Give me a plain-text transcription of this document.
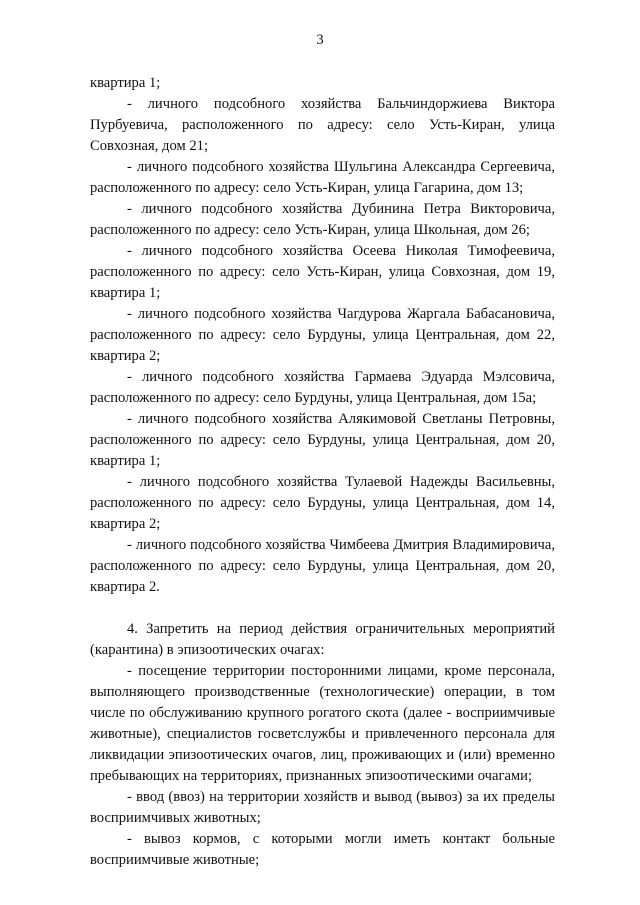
3

квартира 1;

- личного подсобного хозяйства Бальчиндоржиева Виктора Пурбуевича, расположенного по адресу: село Усть-Киран, улица Совхозная, дом 21;

- личного подсобного хозяйства Шульгина Александра Сергеевича, расположенного по адресу: село Усть-Киран, улица Гагарина, дом 13;

- личного подсобного хозяйства Дубинина Петра Викторовича, расположенного по адресу: село Усть-Киран, улица Школьная, дом 26;

- личного подсобного хозяйства Осеева Николая Тимофеевича, расположенного по адресу: село Усть-Киран, улица Совхозная, дом 19, квартира 1;

- личного подсобного хозяйства Чагдурова Жаргала Бабасановича, расположенного по адресу: село Бурдуны, улица Центральная, дом 22, квартира 2;

- личного подсобного хозяйства Гармаева Эдуарда Мэлсовича, расположенного по адресу: село Бурдуны, улица Центральная, дом 15а;

- личного подсобного хозяйства Алякимовой Светланы Петровны, расположенного по адресу: село Бурдуны, улица Центральная, дом 20, квартира 1;

- личного подсобного хозяйства Тулаевой Надежды Васильевны, расположенного по адресу: село Бурдуны, улица Центральная, дом 14, квартира 2;

- личного подсобного хозяйства Чимбеева Дмитрия Владимировича, расположенного по адресу: село Бурдуны, улица Центральная, дом 20, квартира 2.

4. Запретить на период действия ограничительных мероприятий (карантина) в эпизоотических очагах:

- посещение территории посторонними лицами, кроме персонала, выполняющего производственные (технологические) операции, в том числе по обслуживанию крупного рогатого скота (далее - восприимчивые животные), специалистов госветслужбы и привлеченного персонала для ликвидации эпизоотических очагов, лиц, проживающих и (или) временно пребывающих на территориях, признанных эпизоотическими очагами;

- ввод (ввоз) на территории хозяйств и вывод (вывоз) за их пределы восприимчивых животных;

- вывоз кормов, с которыми могли иметь контакт больные восприимчивые животные;
